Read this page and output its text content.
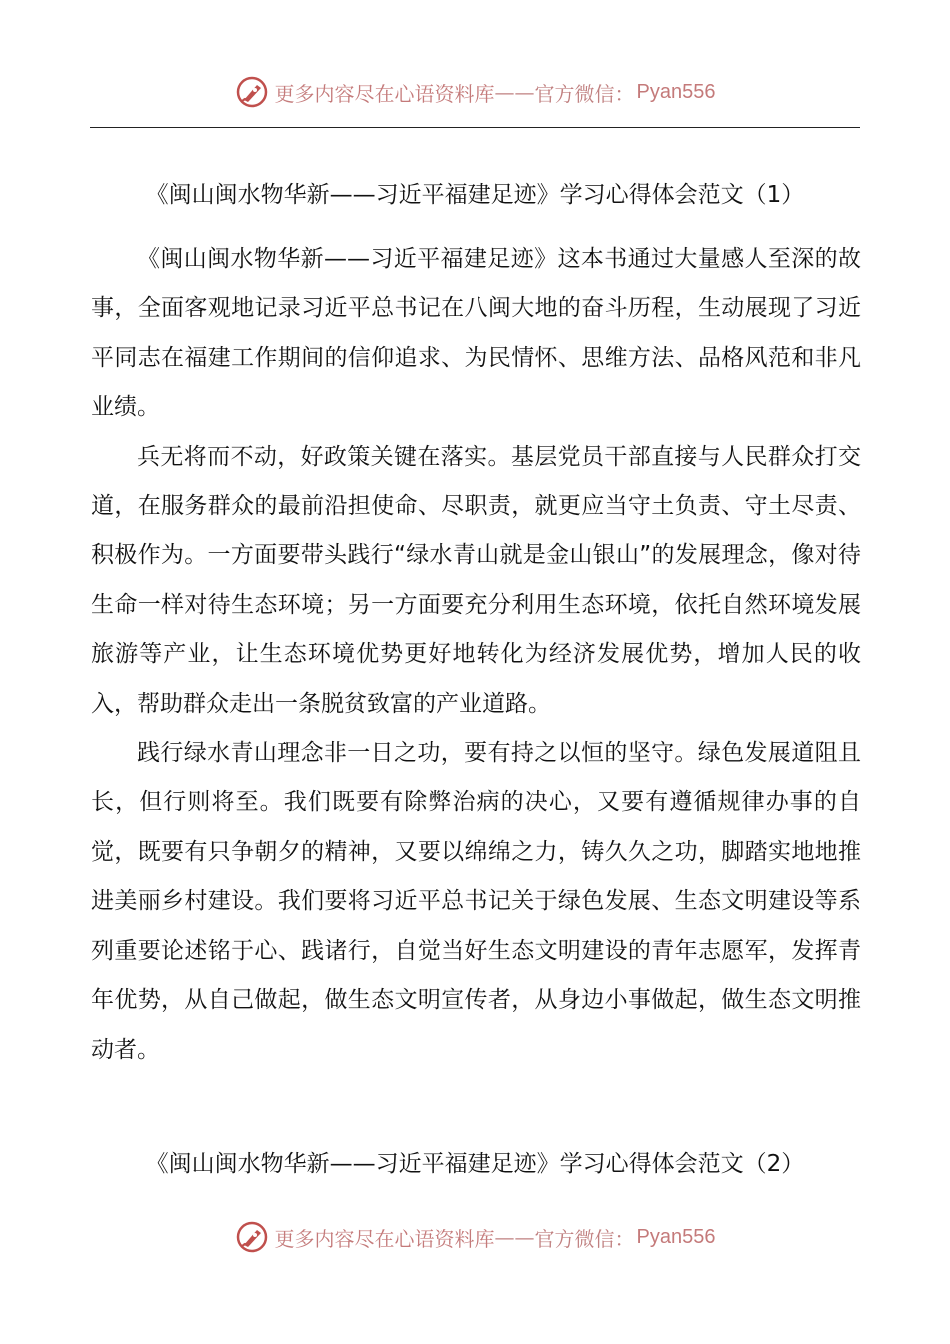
更多内容尽在心语资料库 —— 官方微信： Pyan556
《闽山闽水物华新——习近平福建足迹》学习心得体会范文（1）

《闽山闽水物华新——习近平福建足迹》这本书通过大量感人至深的故事，全面客观地记录习近平总书记在八闽大地的奋斗历程，生动展现了习近平同志在福建工作期间的信仰追求、为民情怀、思维方法、品格风范和非凡业绩。

兵无将而不动，好政策关键在落实。基层党员干部直接与人民群众打交道，在服务群众的最前沿担使命、尽职责，就更应当守土负责、守土尽责、积极作为。一方面要带头践行“绿水青山就是金山银山”的发展理念，像对待生命一样对待生态环境；另一方面要充分利用生态环境，依托自然环境发展旅游等产业，让生态环境优势更好地转化为经济发展优势，增加人民的收入，帮助群众走出一条脱贫致富的产业道路。

践行绿水青山理念非一日之功，要有持之以恒的坚守。绿色发展道阻且长，但行则将至。我们既要有除弊治病的决心，又要有遵循规律办事的自觉，既要有只争朝夕的精神，又要以绵绵之力，铸久久之功，脚踏实地地推进美丽乡村建设。我们要将习近平总书记关于绿色发展、生态文明建设等系列重要论述铭于心、践诸行，自觉当好生态文明建设的青年志愿军，发挥青年优势，从自己做起，做生态文明宣传者，从身边小事做起，做生态文明推动者。

《闽山闽水物华新——习近平福建足迹》学习心得体会范文（2）
更多内容尽在心语资料库 —— 官方微信： Pyan556
